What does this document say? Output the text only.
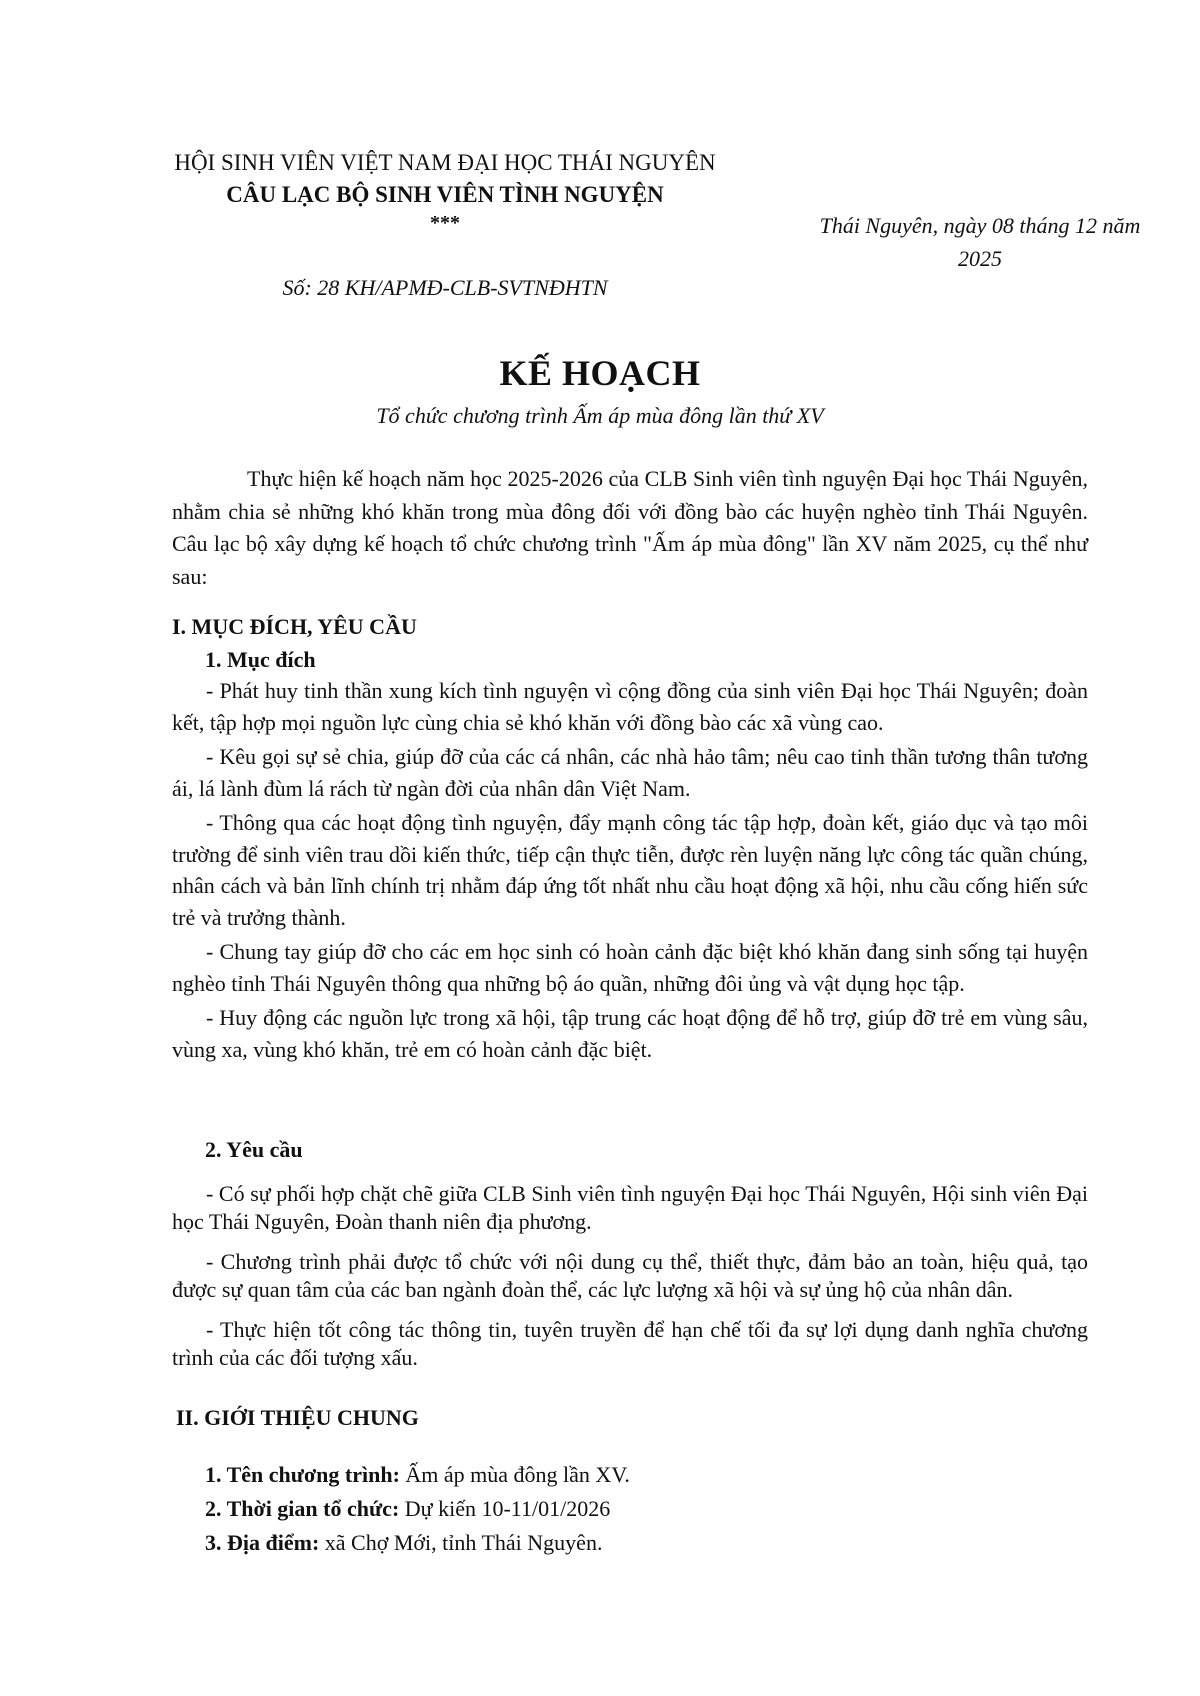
HỘI SINH VIÊN VIỆT NAM ĐẠI HỌC THÁI NGUYÊN
CÂU LẠC BỘ SINH VIÊN TÌNH NGUYỆN
***
Số: 28 KH/APMĐ-CLB-SVTNĐHTN
Thái Nguyên, ngày 08 tháng 12 năm
2025
KẾ HOẠCH
Tổ chức chương trình Ấm áp mùa đông lần thứ XV

Thực hiện kế hoạch năm học 2025-2026 của CLB Sinh viên tình nguyện Đại học Thái Nguyên, nhằm chia sẻ những khó khăn trong mùa đông đối với đồng bào các huyện nghèo tỉnh Thái Nguyên. Câu lạc bộ xây dựng kế hoạch tổ chức chương trình "Ấm áp mùa đông" lần XV năm 2025, cụ thể như sau:

I. MỤC ĐÍCH, YÊU CẦU
1. Mục đích

- Phát huy tinh thần xung kích tình nguyện vì cộng đồng của sinh viên Đại học Thái Nguyên; đoàn kết, tập hợp mọi nguồn lực cùng chia sẻ khó khăn với đồng bào các xã vùng cao.

- Kêu gọi sự sẻ chia, giúp đỡ của các cá nhân, các nhà hảo tâm; nêu cao tinh thần tương thân tương ái, lá lành đùm lá rách từ ngàn đời của nhân dân Việt Nam.

- Thông qua các hoạt động tình nguyện, đẩy mạnh công tác tập hợp, đoàn kết, giáo dục và tạo môi trường để sinh viên trau dồi kiến thức, tiếp cận thực tiễn, được rèn luyện năng lực công tác quần chúng, nhân cách và bản lĩnh chính trị nhằm đáp ứng tốt nhất nhu cầu hoạt động xã hội, nhu cầu cống hiến sức trẻ và trưởng thành.

- Chung tay giúp đỡ cho các em học sinh có hoàn cảnh đặc biệt khó khăn đang sinh sống tại huyện nghèo tỉnh Thái Nguyên thông qua những bộ áo quần, những đôi ủng và vật dụng học tập.

- Huy động các nguồn lực trong xã hội, tập trung các hoạt động để hỗ trợ, giúp đỡ trẻ em vùng sâu, vùng xa, vùng khó khăn, trẻ em có hoàn cảnh đặc biệt.

2. Yêu cầu

- Có sự phối hợp chặt chẽ giữa CLB Sinh viên tình nguyện Đại học Thái Nguyên, Hội sinh viên Đại học Thái Nguyên, Đoàn thanh niên địa phương.

- Chương trình phải được tổ chức với nội dung cụ thể, thiết thực, đảm bảo an toàn, hiệu quả, tạo được sự quan tâm của các ban ngành đoàn thể, các lực lượng xã hội và sự ủng hộ của nhân dân.

- Thực hiện tốt công tác thông tin, tuyên truyền để hạn chế tối đa sự lợi dụng danh nghĩa chương trình của các đối tượng xấu.

II. GIỚI THIỆU CHUNG
1. Tên chương trình: Ấm áp mùa đông lần XV.
2. Thời gian tổ chức: Dự kiến 10-11/01/2026
3. Địa điểm: xã Chợ Mới, tỉnh Thái Nguyên.
